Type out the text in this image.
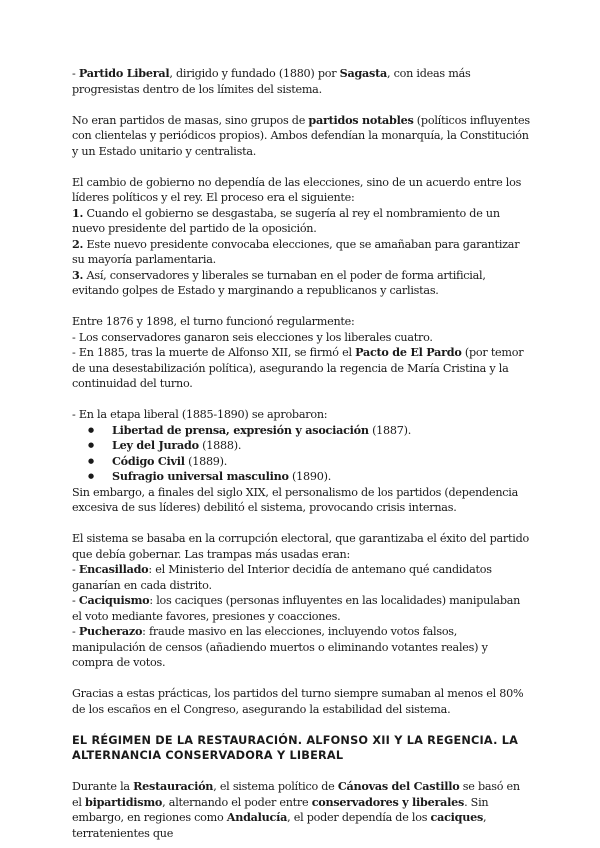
- Partido Liberal, dirigido y fundado (1880) por Sagasta, con ideas más progresistas dentro de los límites del sistema.

No eran partidos de masas, sino grupos de partidos notables (políticos influyentes con clientelas y periódicos propios). Ambos defendían la monarquía, la Constitución y un Estado unitario y centralista.

El cambio de gobierno no dependía de las elecciones, sino de un acuerdo entre los líderes políticos y el rey. El proceso era el siguiente:

1. Cuando el gobierno se desgastaba, se sugería al rey el nombramiento de un nuevo presidente del partido de la oposición.

2. Este nuevo presidente convocaba elecciones, que se amañaban para garantizar su mayoría parlamentaria.

3. Así, conservadores y liberales se turnaban en el poder de forma artificial, evitando golpes de Estado y marginando a republicanos y carlistas.

Entre 1876 y 1898, el turno funcionó regularmente:

- Los conservadores ganaron seis elecciones y los liberales cuatro.

- En 1885, tras la muerte de Alfonso XII, se firmó el Pacto de El Pardo (por temor de una desestabilización política), asegurando la regencia de María Cristina y la continuidad del turno.

- En la etapa liberal (1885-1890) se aprobaron:

● Libertad de prensa, expresión y asociación (1887).
● Ley del Jurado (1888).
● Código Civil (1889).
● Sufragio universal masculino (1890).

Sin embargo, a finales del siglo XIX, el personalismo de los partidos (dependencia excesiva de sus líderes) debilitó el sistema, provocando crisis internas.

El sistema se basaba en la corrupción electoral, que garantizaba el éxito del partido que debía gobernar. Las trampas más usadas eran:

- Encasillado: el Ministerio del Interior decidía de antemano qué candidatos ganarían en cada distrito.

- Caciquismo: los caciques (personas influyentes en las localidades) manipulaban el voto mediante favores, presiones y coacciones.

- Pucherazo: fraude masivo en las elecciones, incluyendo votos falsos, manipulación de censos (añadiendo muertos o eliminando votantes reales) y compra de votos.

Gracias a estas prácticas, los partidos del turno siempre sumaban al menos el 80% de los escaños en el Congreso, asegurando la estabilidad del sistema.

EL RÉGIMEN DE LA RESTAURACIÓN. ALFONSO XII Y LA REGENCIA. LA ALTERNANCIA CONSERVADORA Y LIBERAL

Durante la Restauración, el sistema político de Cánovas del Castillo se basó en el bipartidismo, alternando el poder entre conservadores y liberales. Sin embargo, en regiones como Andalucía, el poder dependía de los caciques, terratenientes que
